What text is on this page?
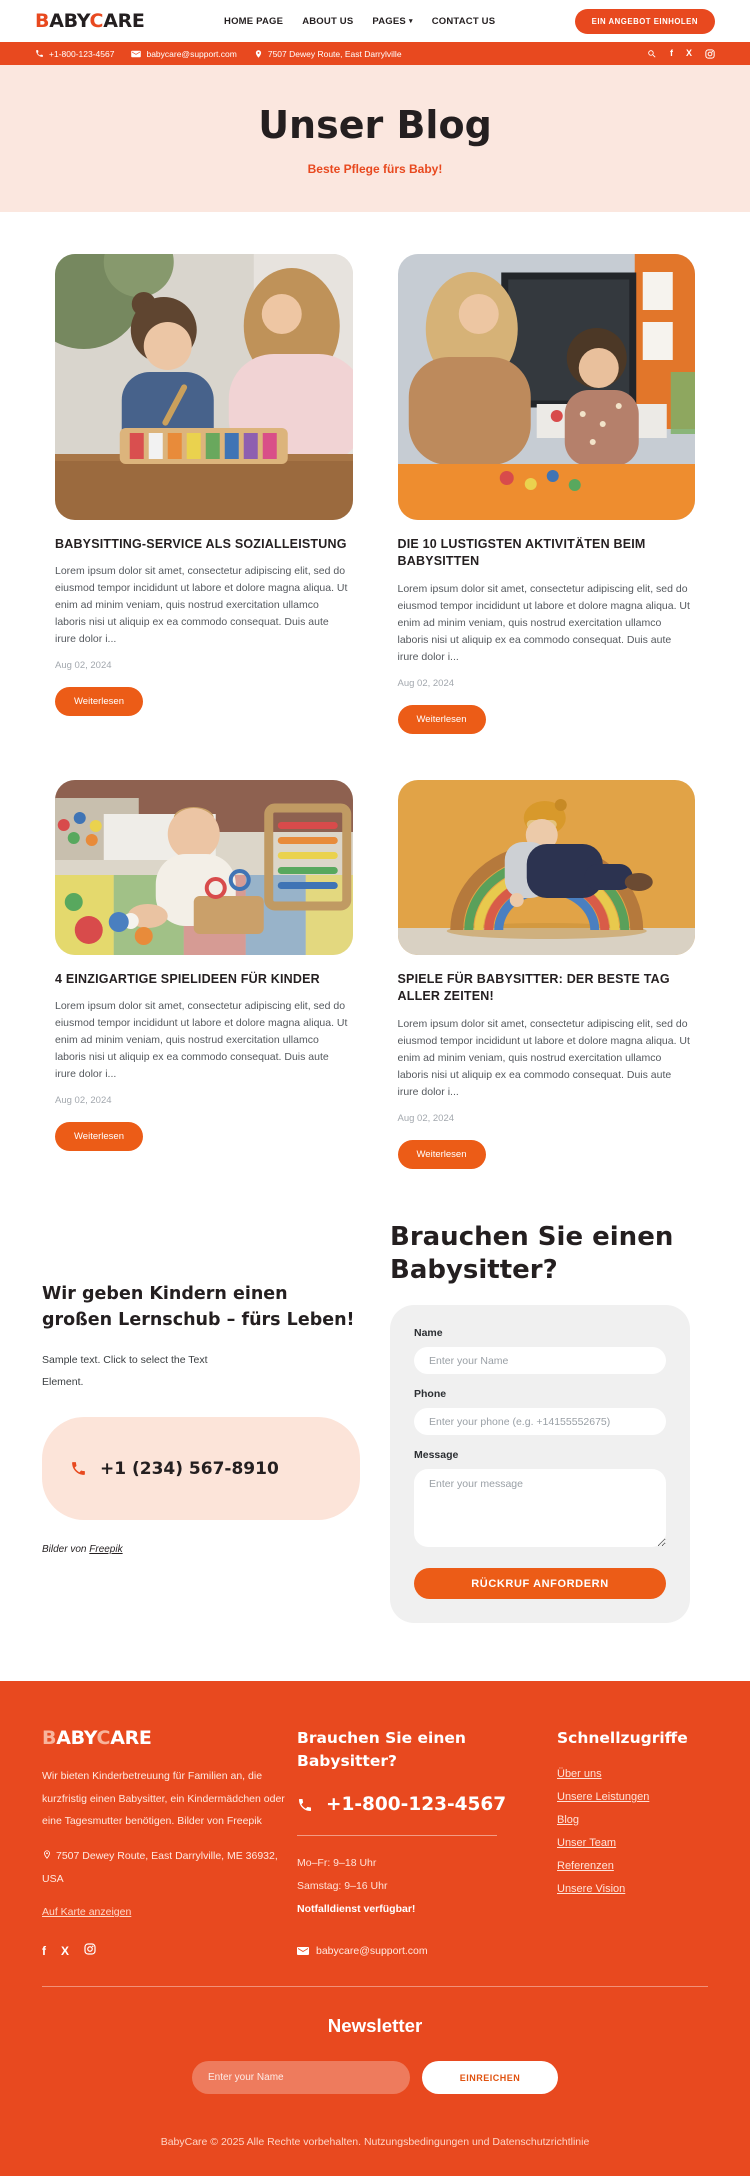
BABYCARE	HOME PAGE ABOUT US PAGES ▾ CONTACT US	EIN ANGEBOT EINHOLEN
+1-800-123-4567	babycare@support.com	7507 Dewey Route, East Darrylville	f X
Unser Blog
Beste Pflege fürs Baby!
BABYSITTING-SERVICE ALS SOZIALLEISTUNG

Lorem ipsum dolor sit amet, consectetur adipiscing elit, sed do eiusmod tempor incididunt ut labore et dolore magna aliqua. Ut enim ad minim veniam, quis nostrud exercitation ullamco laboris nisi ut aliquip ex ea commodo consequat. Duis aute irure dolor i...

Aug 02, 2024
Weiterlesen
DIE 10 LUSTIGSTEN AKTIVITÄTEN BEIM BABYSITTEN

Lorem ipsum dolor sit amet, consectetur adipiscing elit, sed do eiusmod tempor incididunt ut labore et dolore magna aliqua. Ut enim ad minim veniam, quis nostrud exercitation ullamco laboris nisi ut aliquip ex ea commodo consequat. Duis aute irure dolor i...

Aug 02, 2024
Weiterlesen
4 EINZIGARTIGE SPIELIDEEN FÜR KINDER

Lorem ipsum dolor sit amet, consectetur adipiscing elit, sed do eiusmod tempor incididunt ut labore et dolore magna aliqua. Ut enim ad minim veniam, quis nostrud exercitation ullamco laboris nisi ut aliquip ex ea commodo consequat. Duis aute irure dolor i...

Aug 02, 2024
Weiterlesen
SPIELE FÜR BABYSITTER: DER BESTE TAG ALLER ZEITEN!

Lorem ipsum dolor sit amet, consectetur adipiscing elit, sed do eiusmod tempor incididunt ut labore et dolore magna aliqua. Ut enim ad minim veniam, quis nostrud exercitation ullamco laboris nisi ut aliquip ex ea commodo consequat. Duis aute irure dolor i...

Aug 02, 2024
Weiterlesen
Wir geben Kindern einen großen Lernschub – fürs Leben!

Sample text. Click to select the Text Element.

+1 (234) 567-8910
Bilder von Freepik
Brauchen Sie einen Babysitter?
Name
Enter your Name
Phone
Enter your phone (e.g. +14155552675)
Message
Enter your message
RÜCKRUF ANFORDERN
BABYCARE

Wir bieten Kinderbetreuung für Familien an, die kurzfristig einen Babysitter, ein Kindermädchen oder eine Tagesmutter benötigen. Bilder von Freepik

7507 Dewey Route, East Darrylville, ME 36932, USA

Auf Karte anzeigen
f X
Brauchen Sie einen Babysitter?
+1-800-123-4567
Mo–Fr: 9–18 Uhr
Samstag: 9–16 Uhr
Notfalldienst verfügbar!
babycare@support.com
Schnellzugriffe
Über uns
Unsere Leistungen
Blog
Unser Team
Referenzen
Unsere Vision
Newsletter
Enter your Name
EINREICHEN
BabyCare © 2025 Alle Rechte vorbehalten. Nutzungsbedingungen und Datenschutzrichtlinie
